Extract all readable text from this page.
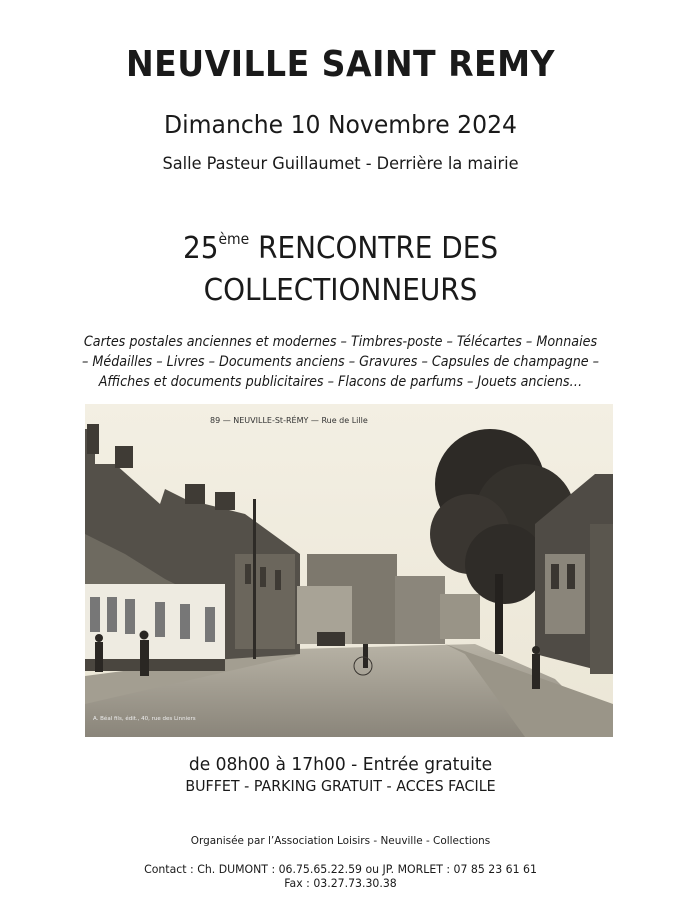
NEUVILLE SAINT REMY
Dimanche 10 Novembre 2024
Salle Pasteur Guillaumet - Derrière la mairie
25ème RENCONTRE DES
COLLECTIONNEURS
Cartes postales anciennes et modernes – Timbres-poste – Télécartes – Monnaies
– Médailles – Livres – Documents anciens – Gravures – Capsules de champagne –
Affiches et documents publicitaires – Flacons de parfums – Jouets anciens…
89 — NEUVILLE-St-RÉMY — Rue de Lille
A. Béal fils, édit., 40, rue des Linniers
de 08h00 à 17h00 - Entrée gratuite
BUFFET - PARKING GRATUIT - ACCES FACILE
Organisée par l’Association Loisirs - Neuville - Collections
Contact : Ch. DUMONT : 06.75.65.22.59 ou JP. MORLET : 07 85 23 61 61
Fax : 03.27.73.30.38
